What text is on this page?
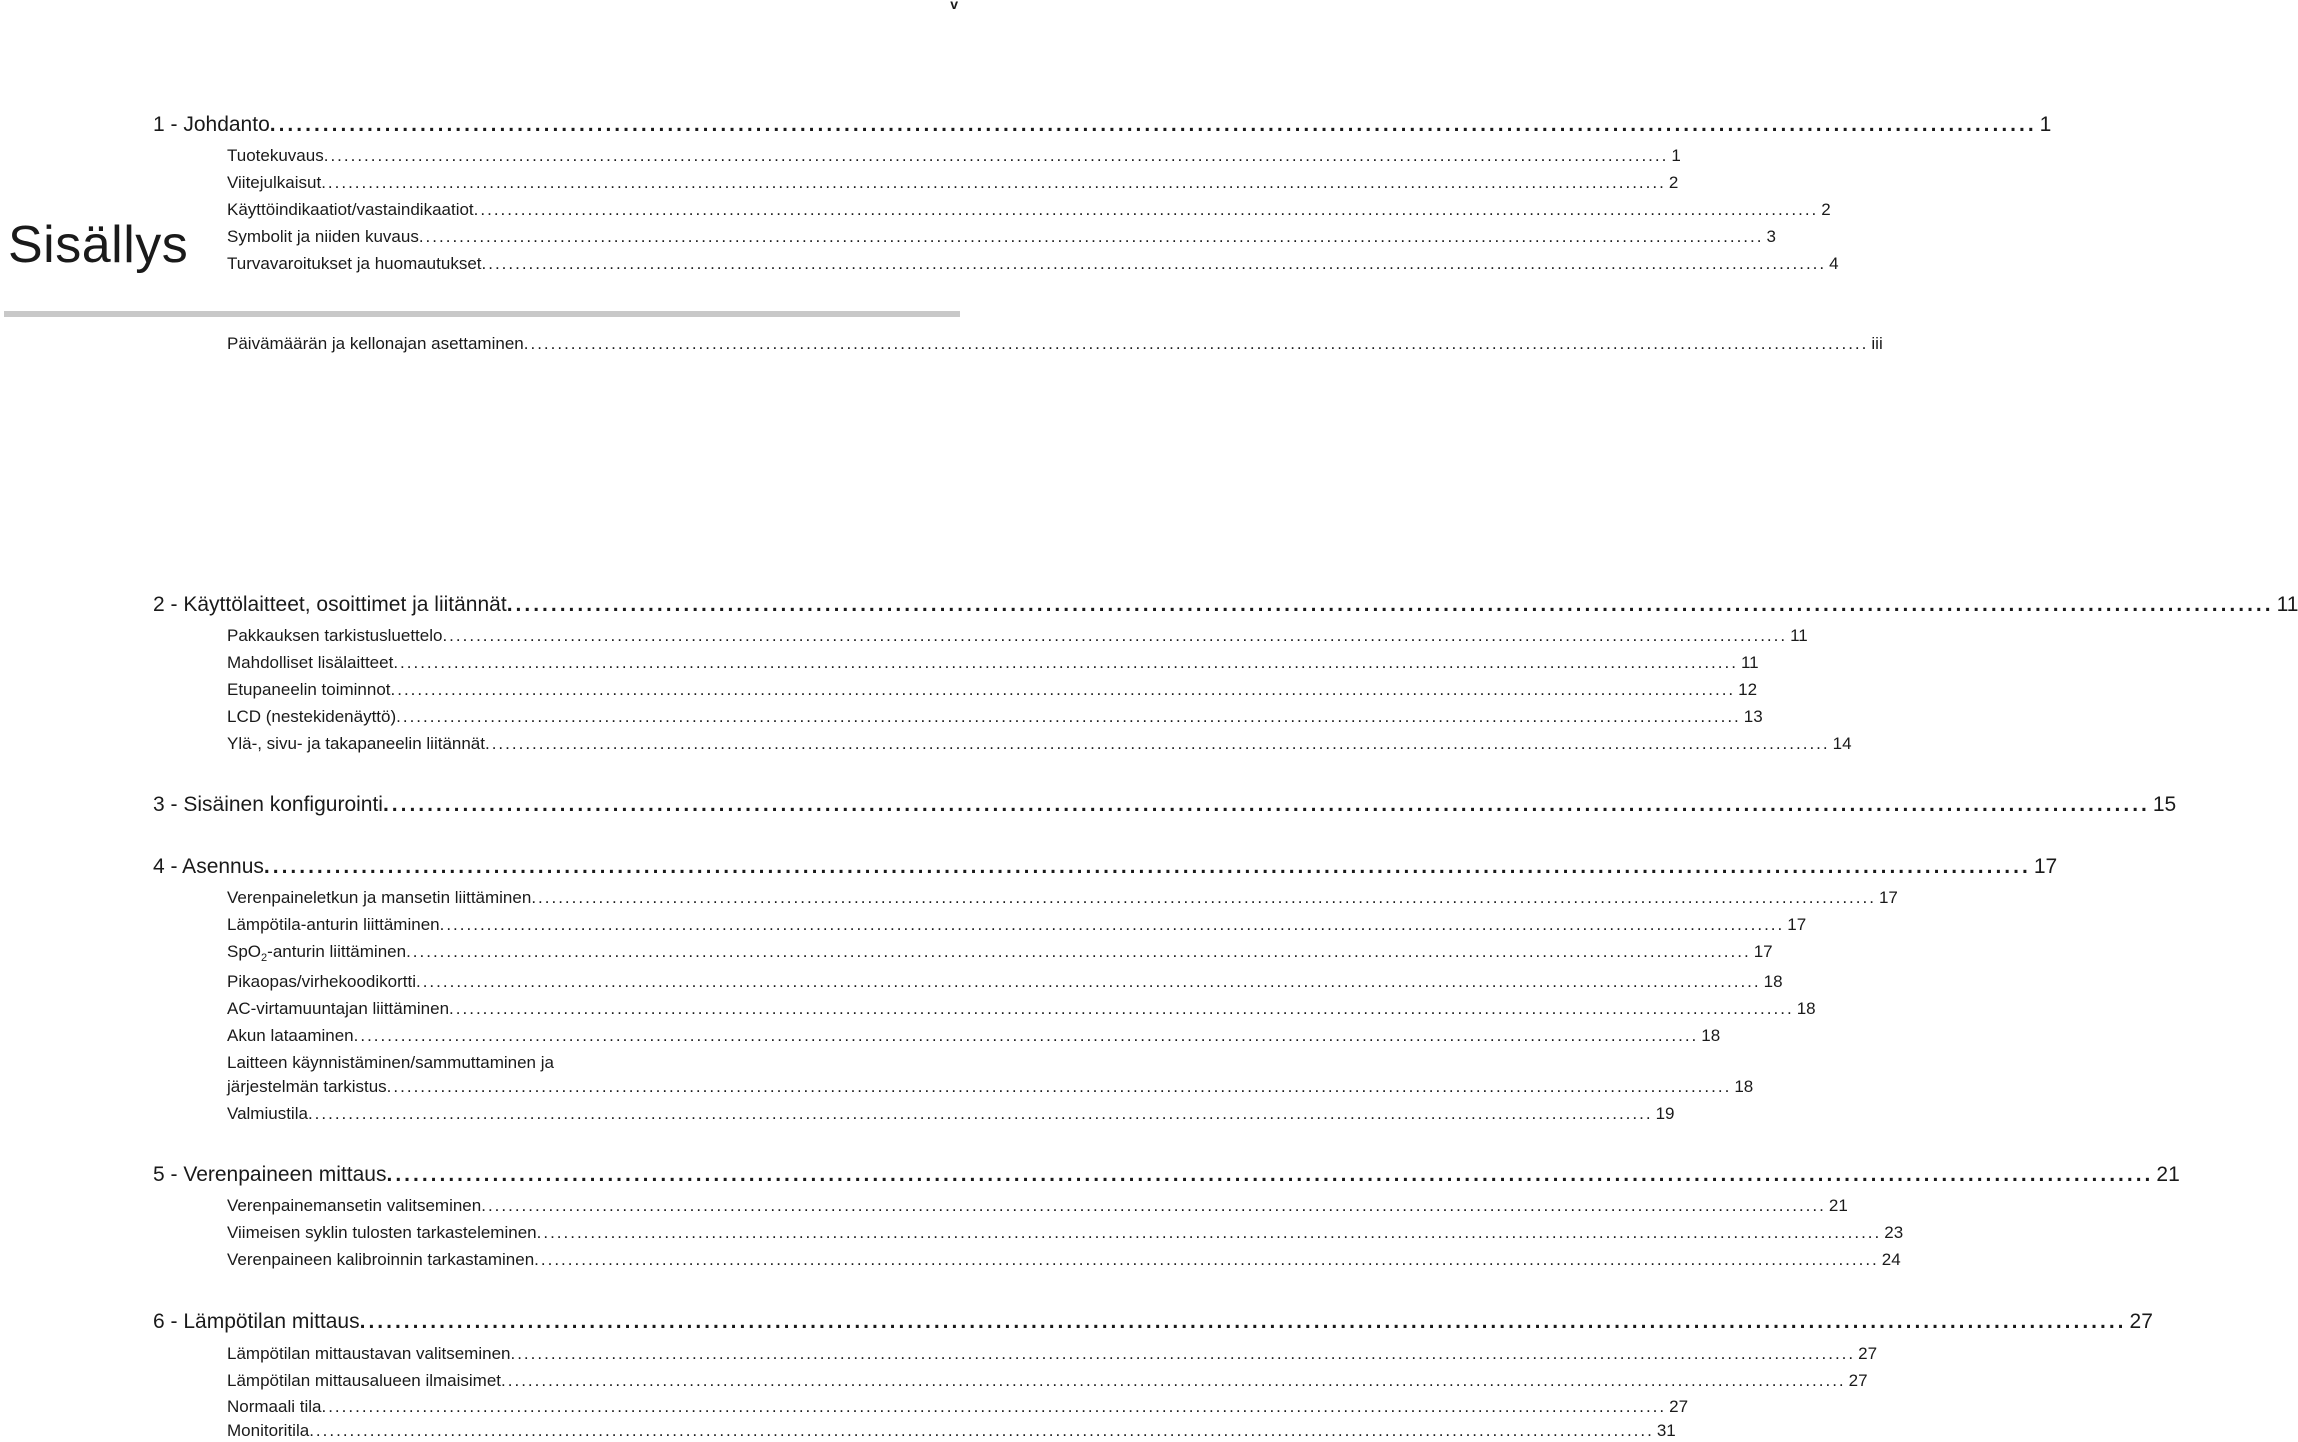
v
Sisällys
Päivämäärän ja kellonajan asettaminen ........................................................................................................................................................................................................ iii
1 - Johdanto ........................................................................................................................................................................................................ 1
Tuotekuvaus ........................................................................................................................................................................................................ 1
Viitejulkaisut ........................................................................................................................................................................................................ 2
Käyttöindikaatiot/vastaindikaatiot ........................................................................................................................................................................................................ 2
Symbolit ja niiden kuvaus ........................................................................................................................................................................................................ 3
Turvavaroitukset ja huomautukset ........................................................................................................................................................................................................ 4
2 - Käyttölaitteet, osoittimet ja liitännät ........................................................................................................................................................................................................ 11
Pakkauksen tarkistusluettelo ........................................................................................................................................................................................................ 11
Mahdolliset lisälaitteet ........................................................................................................................................................................................................ 11
Etupaneelin toiminnot ........................................................................................................................................................................................................ 12
LCD (nestekidenäyttö) ........................................................................................................................................................................................................ 13
Ylä-, sivu- ja takapaneelin liitännät ........................................................................................................................................................................................................ 14
3 - Sisäinen konfigurointi ........................................................................................................................................................................................................ 15
4 - Asennus ........................................................................................................................................................................................................ 17
Verenpaineletkun ja mansetin liittäminen ........................................................................................................................................................................................................ 17
Lämpötila-anturin liittäminen ........................................................................................................................................................................................................ 17
SpO$_2$-anturin liittäminen ........................................................................................................................................................................................................ 17
Pikaopas/virhekoodikortti ........................................................................................................................................................................................................ 18
AC-virtamuuntajan liittäminen ........................................................................................................................................................................................................ 18
Akun lataaminen ........................................................................................................................................................................................................ 18
Laitteen käynnistäminen/sammuttaminen ja
järjestelmän tarkistus ........................................................................................................................................................................................................ 18
Valmiustila ........................................................................................................................................................................................................ 19
5 - Verenpaineen mittaus ........................................................................................................................................................................................................ 21
Verenpainemansetin valitseminen ........................................................................................................................................................................................................ 21
Viimeisen syklin tulosten tarkasteleminen ........................................................................................................................................................................................................ 23
Verenpaineen kalibroinnin tarkastaminen ........................................................................................................................................................................................................ 24
6 - Lämpötilan mittaus ........................................................................................................................................................................................................ 27
Lämpötilan mittaustavan valitseminen ........................................................................................................................................................................................................ 27
Lämpötilan mittausalueen ilmaisimet ........................................................................................................................................................................................................ 27
Normaali tila ........................................................................................................................................................................................................ 27
Monitoritila ........................................................................................................................................................................................................ 31
